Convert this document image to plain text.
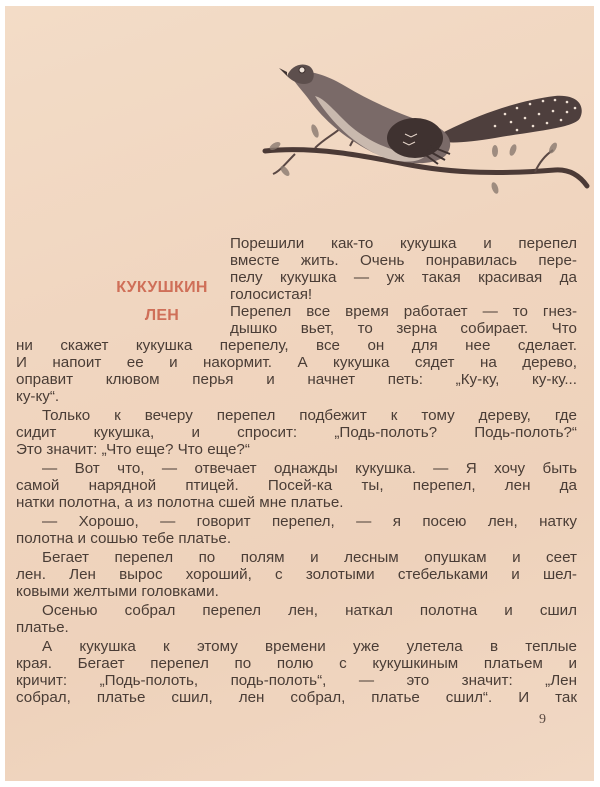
КУКУШКИН
ЛЕН
Порешили как-то кукушка и перепел
вместе жить. Очень понравилась пере-
пелу кукушка — уж такая красивая да
голосистая!
Перепел все время работает — то гнез-
дышко вьет, то зерна собирает. Что
ни скажет кукушка перепелу, все он для нее сделает.
И напоит ее и накормит. А кукушка сядет на дерево,
оправит клювом перья и начнет петь: „Ку-ку, ку-ку...
ку-ку“.
Только к вечеру перепел подбежит к тому дереву, где
сидит кукушка, и спросит: „Подь-полоть? Подь-полоть?“
Это значит: „Что еще? Что еще?“
— Вот что, — отвечает однажды кукушка. — Я хочу быть
самой нарядной птицей. Посей-ка ты, перепел, лен да
натки полотна, а из полотна сшей мне платье.
— Хорошо, — говорит перепел, — я посею лен, натку
полотна и сошью тебе платье.
Бегает перепел по полям и лесным опушкам и сеет
лен. Лен вырос хороший, с золотыми стебельками и шел-
ковыми желтыми головками.
Осенью собрал перепел лен, наткал полотна и сшил
платье.
А кукушка к этому времени уже улетела в теплые
края. Бегает перепел по полю с кукушкиным платьем и
кричит: „Подь-полоть, подь-полоть“, — это значит: „Лен
собрал, платье сшил, лен собрал, платье сшил“. И так
9
